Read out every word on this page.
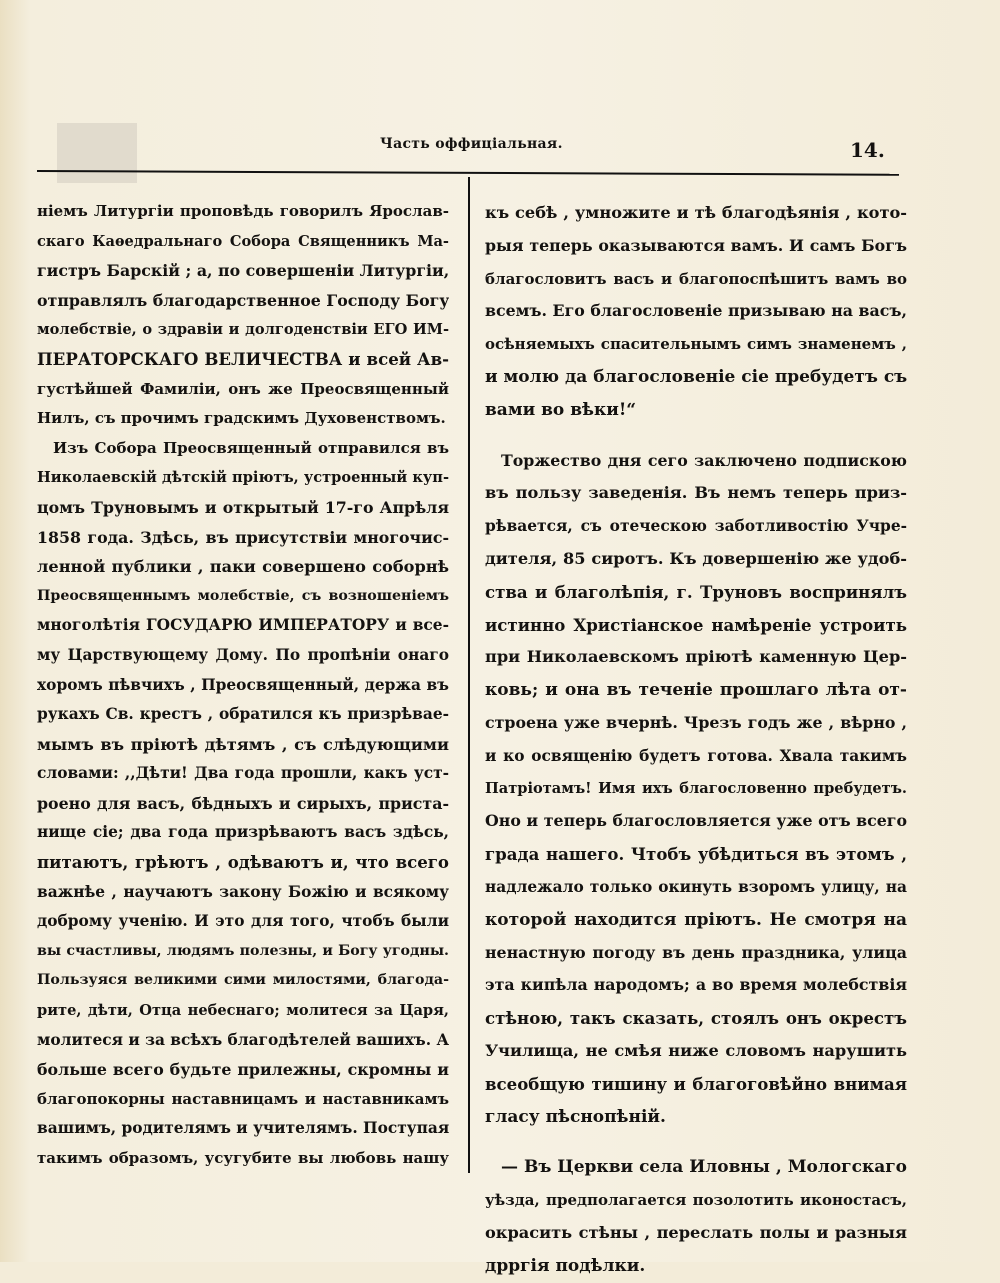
Часть оффиціальная.	14.
ніемъ Литургіи проповѣдь говорилъ Ярослав-
скаго Каѳедральнаго Собора Священникъ Ма-
гистръ Барскій ; а, по совершеніи Литургіи,
отправлялъ благодарственное Господу Богу
молебствіе, о здравіи и долгоденствіи ЕГО ИМ-
ПЕРАТОРСКАГО ВЕЛИЧЕСТВА и всей Ав-
густѣйшей Фамиліи, онъ же Преосвященный
Нилъ, съ прочимъ градскимъ Духовенствомъ.
Изъ Собора Преосвященный отправился въ
Николаевскій дѣтскій пріютъ, устроенный куп-
цомъ Труновымъ и открытый 17-го Апрѣля
1858 года. Здѣсь, въ присутствіи многочис-
ленной публики , паки совершено соборнѣ
Преосвященнымъ молебствіе, съ возношеніемъ
многолѣтія ГОСУДАРЮ ИМПЕРАТОРУ и все-
му Царствующему Дому. По пропѣніи онаго
хоромъ пѣвчихъ , Преосвященный, держа въ
рукахъ Св. крестъ , обратился къ призрѣвае-
мымъ въ пріютѣ дѣтямъ , съ слѣдующими
словами: ,,Дѣти! Два года прошли, какъ уст-
роено для васъ, бѣдныхъ и сирыхъ, приста-
нище сіе; два года призрѣваютъ васъ здѣсь,
питаютъ, грѣютъ , одѣваютъ и, что всего
важнѣе , научаютъ закону Божію и всякому
доброму ученію. И это для того, чтобъ были
вы счастливы, людямъ полезны, и Богу угодны.
Пользуяся великими сими милостями, благода-
рите, дѣти, Отца небеснаго; молитеся за Царя,
молитеся и за всѣхъ благодѣтелей вашихъ. А
больше всего будьте прилежны, скромны и
благопокорны наставницамъ и наставникамъ
вашимъ, родителямъ и учителямъ. Поступая
такимъ образомъ, усугубите вы любовь нашу
къ себѣ , умножите и тѣ благодѣянія , кото-
рыя теперь оказываются вамъ. И самъ Богъ
благословитъ васъ и благопоспѣшитъ вамъ во
всемъ. Его благословеніе призываю на васъ,
осѣняемыхъ спасительнымъ симъ знаменемъ ,
и молю да благословеніе сіе пребудетъ съ
вами во вѣки!“
Торжество дня сего заключено подпискою
въ пользу заведенія. Въ немъ теперь приз-
рѣвается, съ отеческою заботливостію Учре-
дителя, 85 сиротъ. Къ довершенію же удоб-
ства и благолѣпія, г. Труновъ воспринялъ
истинно Христіанское намѣреніе устроить
при Николаевскомъ пріютѣ каменную Цер-
ковь; и она въ теченіе прошлаго лѣта от-
строена уже вчернѣ. Чрезъ годъ же , вѣрно ,
и ко освященію будетъ готова. Хвала такимъ
Патріотамъ! Имя ихъ благословенно пребудетъ.
Оно и теперь благословляется уже отъ всего
града нашего. Чтобъ убѣдиться въ этомъ ,
надлежало только окинуть взоромъ улицу, на
которой находится пріютъ. Не смотря на
ненастную погоду въ день праздника, улица
эта кипѣла народомъ; а во время молебствія
стѣною, такъ сказать, стоялъ онъ окрестъ
Училища, не смѣя ниже словомъ нарушить
всеобщую тишину и благоговѣйно внимая
гласу пѣснопѣній.
— Въ Церкви села Иловны , Мологскаго
уѣзда, предполагается позолотить иконостасъ,
окрасить стѣны , переслать полы и разныя
дрргія подѣлки.
